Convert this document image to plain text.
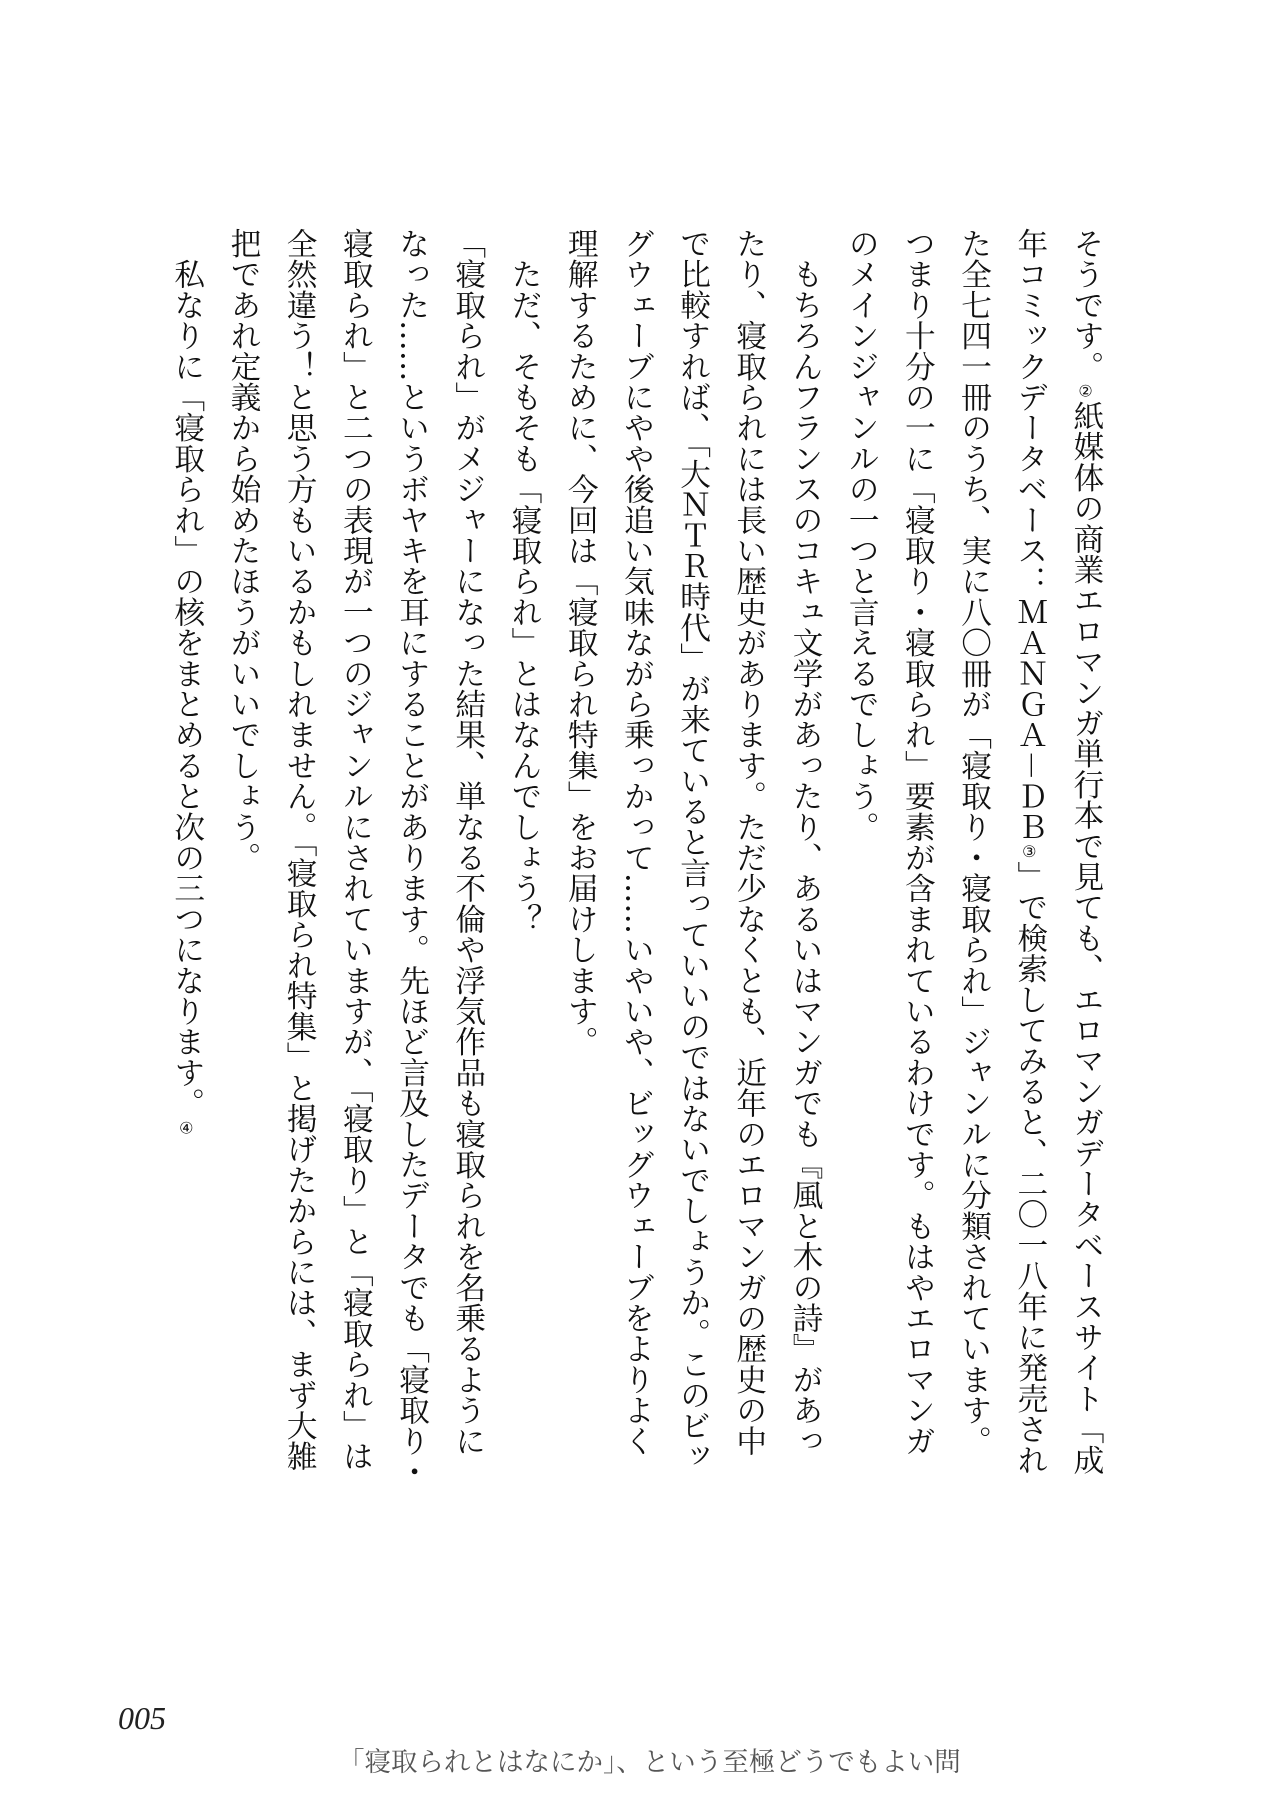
そうです。②紙媒体の商業エロマンガ単行本で見ても、エロマンガデータベースサイト「成
年コミックデータベース：ＭＡＮＧＡ－ＤＢ③」で検索してみると、二〇一八年に発売され
た全七四一冊のうち、実に八〇冊が「寝取り・寝取られ」ジャンルに分類されています。
つまり十分の一に「寝取り・寝取られ」要素が含まれているわけです。もはやエロマンガ
のメインジャンルの一つと言えるでしょう。
　もちろんフランスのコキュ文学があったり、あるいはマンガでも『風と木の詩』があっ
たり、寝取られには長い歴史があります。ただ少なくとも、近年のエロマンガの歴史の中
で比較すれば、「大ＮＴＲ時代」が来ていると言っていいのではないでしょうか。このビッ
グウェーブにやや後追い気味ながら乗っかって……いやいや、ビッグウェーブをよりよく
理解するために、今回は「寝取られ特集」をお届けします。
　ただ、そもそも「寝取られ」とはなんでしょう？
「寝取られ」がメジャーになった結果、単なる不倫や浮気作品も寝取られを名乗るように
なった……というボヤキを耳にすることがあります。先ほど言及したデータでも「寝取り・
寝取られ」と二つの表現が一つのジャンルにされていますが、「寝取り」と「寝取られ」は
全然違う！と思う方もいるかもしれません。「寝取られ特集」と掲げたからには、まず大雑
把であれ定義から始めたほうがいいでしょう。
　私なりに「寝取られ」の核をまとめると次の三つになります。④
005
「寝取られとはなにか」、という至極どうでもよい問
